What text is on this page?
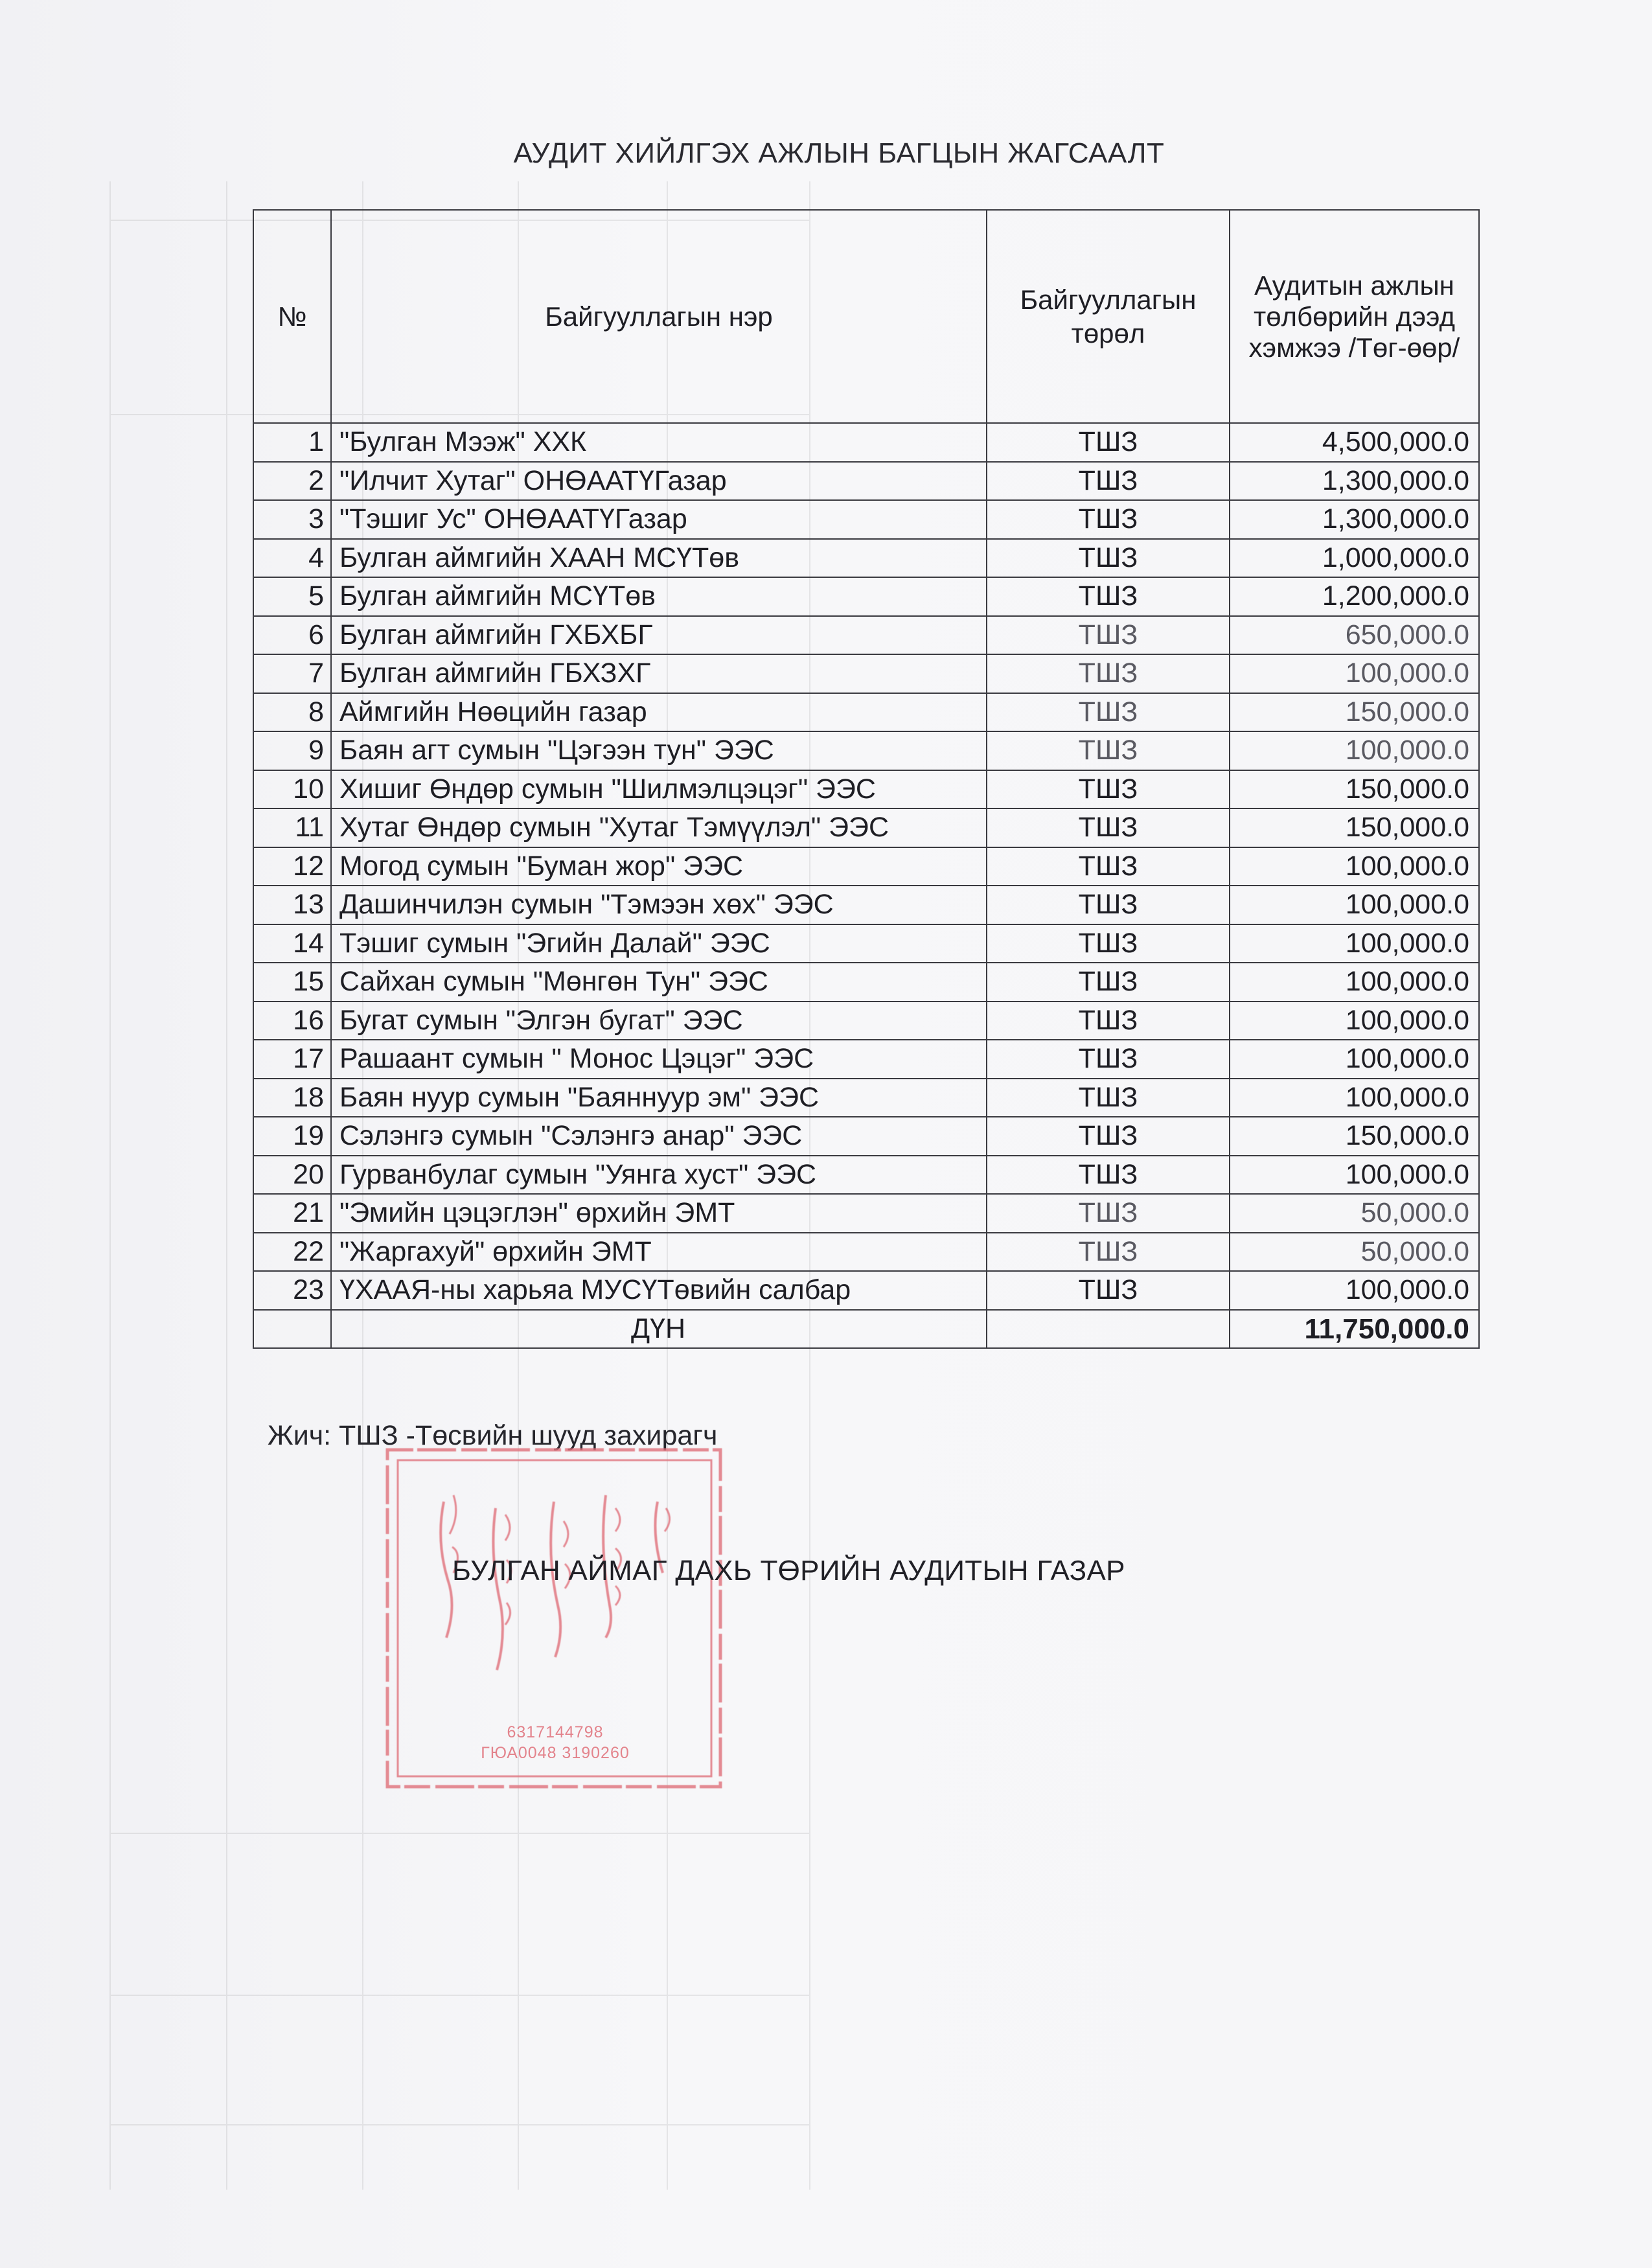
АУДИТ ХИЙЛГЭХ АЖЛЫН БАГЦЫН ЖАГСААЛТ
№	Байгууллагын нэр	Байгууллагын төрөл	Аудитын ажлын төлбөрийн дээд хэмжээ /Төг-өөр/
1	"Булган Мээж" ХХК	ТШЗ	4,500,000.0
2	"Илчит Хутаг" ОНӨААТҮГазар	ТШЗ	1,300,000.0
3	"Тэшиг Ус" ОНӨААТҮГазар	ТШЗ	1,300,000.0
4	Булган аймгийн ХААН МСҮТөв	ТШЗ	1,000,000.0
5	Булган аймгийн МСҮТөв	ТШЗ	1,200,000.0
6	Булган аймгийн ГХБХБГ	ТШЗ	650,000.0
7	Булган аймгийн ГБХЗХГ	ТШЗ	100,000.0
8	Аймгийн Нөөцийн газар	ТШЗ	150,000.0
9	Баян агт сумын "Цэгээн тун" ЭЭС	ТШЗ	100,000.0
10	Хишиг Өндөр сумын "Шилмэлцэцэг" ЭЭС	ТШЗ	150,000.0
11	Хутаг Өндөр сумын "Хутаг Тэмүүлэл" ЭЭС	ТШЗ	150,000.0
12	Могод сумын "Буман жор" ЭЭС	ТШЗ	100,000.0
13	Дашинчилэн сумын "Тэмээн хөх" ЭЭС	ТШЗ	100,000.0
14	Тэшиг сумын "Эгийн Далай" ЭЭС	ТШЗ	100,000.0
15	Сайхан сумын "Мөнгөн Тун" ЭЭС	ТШЗ	100,000.0
16	Бугат сумын "Элгэн бугат" ЭЭС	ТШЗ	100,000.0
17	Рашаант сумын " Монос Цэцэг" ЭЭС	ТШЗ	100,000.0
18	Баян нуур сумын "Баяннуур эм" ЭЭС	ТШЗ	100,000.0
19	Сэлэнгэ сумын "Сэлэнгэ анар" ЭЭС	ТШЗ	150,000.0
20	Гурванбулаг сумын "Уянга хуст" ЭЭС	ТШЗ	100,000.0
21	"Эмийн цэцэглэн" өрхийн ЭМТ	ТШЗ	50,000.0
22	"Жаргахуй" өрхийн ЭМТ	ТШЗ	50,000.0
23	ҮХААЯ-ны харьяа МУСҮТөвийн салбар	ТШЗ	100,000.0
	ДҮН		11,750,000.0
Жич: ТШЗ -Төсвийн шууд захирагч
6317144798
ГЮА0048 3190260
БУЛГАН АЙМАГ ДАХЬ ТӨРИЙН АУДИТЫН ГАЗАР
